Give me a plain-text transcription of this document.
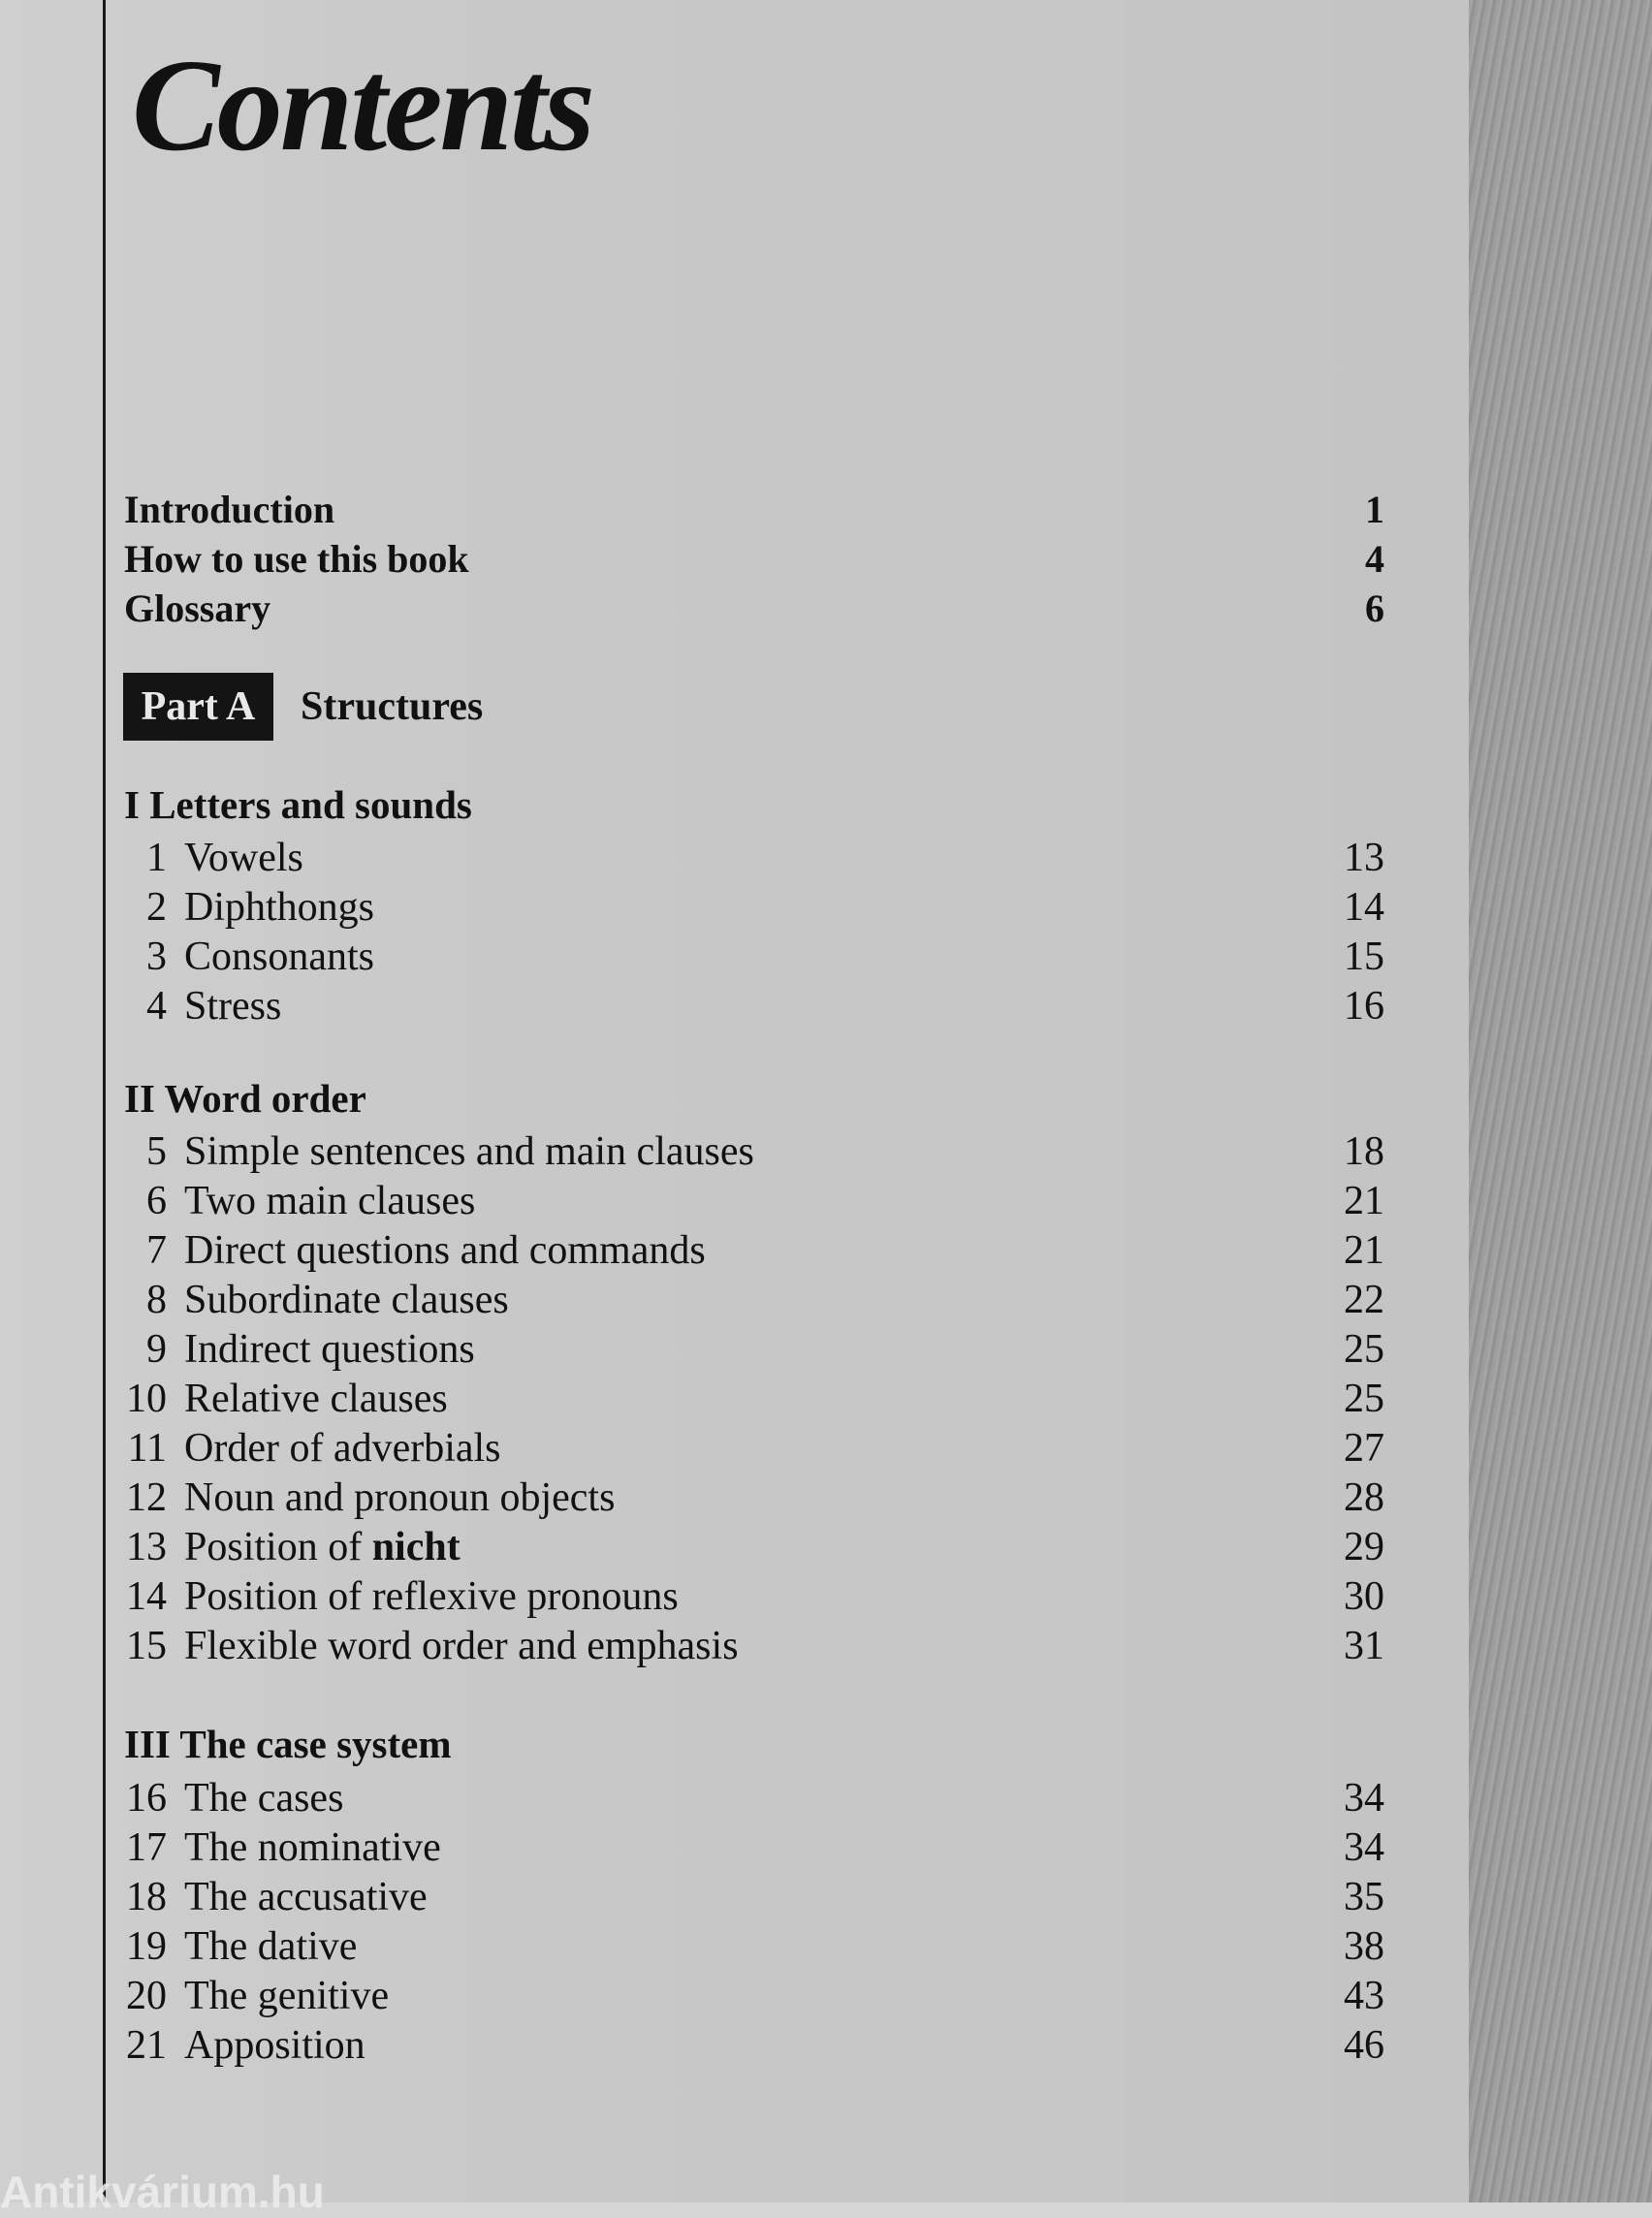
Contents
Introduction	1
How to use this book	4
Glossary	6
Part A	Structures
I Letters and sounds
1 Vowels	13
2 Diphthongs	14
3 Consonants	15
4 Stress	16
II Word order
5 Simple sentences and main clauses	18
6 Two main clauses	21
7 Direct questions and commands	21
8 Subordinate clauses	22
9 Indirect questions	25
10 Relative clauses	25
11 Order of adverbials	27
12 Noun and pronoun objects	28
13 Position of nicht	29
14 Position of reflexive pronouns	30
15 Flexible word order and emphasis	31
III The case system
16 The cases	34
17 The nominative	34
18 The accusative	35
19 The dative	38
20 The genitive	43
21 Apposition	46
Antikvárium.hu
